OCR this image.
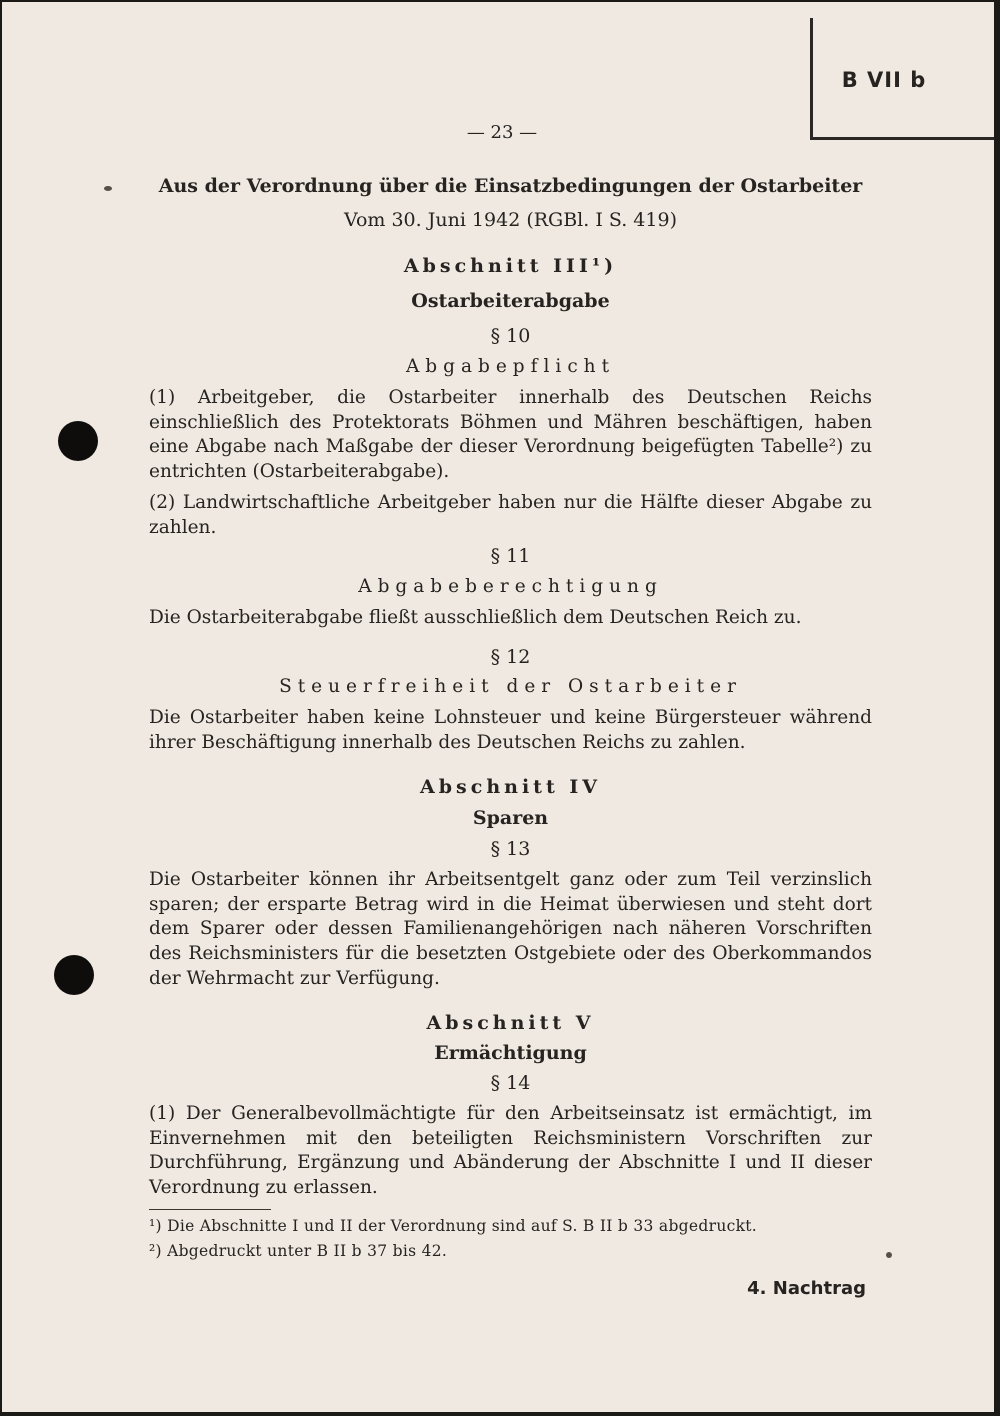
B VII b
— 23 —
Aus der Verordnung über die Einsatzbedingungen der Ostarbeiter
Vom 30. Juni 1942 (RGBl. I S. 419)
Abschnitt III¹)
Ostarbeiterabgabe
§ 10
Abgabepflicht
(1) Arbeitgeber, die Ostarbeiter innerhalb des Deutschen Reichs einschließlich des Protektorats Böhmen und Mähren beschäftigen, haben eine Abgabe nach Maßgabe der dieser Verordnung beigefügten Tabelle²) zu entrichten (Ostarbeiterabgabe).
(2) Landwirtschaftliche Arbeitgeber haben nur die Hälfte dieser Abgabe zu zahlen.
§ 11
Abgabeberechtigung
Die Ostarbeiterabgabe fließt ausschließlich dem Deutschen Reich zu.
§ 12
Steuerfreiheit der Ostarbeiter
Die Ostarbeiter haben keine Lohnsteuer und keine Bürgersteuer während ihrer Beschäftigung innerhalb des Deutschen Reichs zu zahlen.
Abschnitt IV
Sparen
§ 13
Die Ostarbeiter können ihr Arbeitsentgelt ganz oder zum Teil verzinslich sparen; der ersparte Betrag wird in die Heimat überwiesen und steht dort dem Sparer oder dessen Familienangehörigen nach näheren Vorschriften des Reichsministers für die besetzten Ostgebiete oder des Oberkommandos der Wehrmacht zur Verfügung.
Abschnitt V
Ermächtigung
§ 14
(1) Der Generalbevollmächtigte für den Arbeitseinsatz ist ermächtigt, im Einvernehmen mit den beteiligten Reichsministern Vorschriften zur Durchführung, Ergänzung und Abänderung der Abschnitte I und II dieser Verordnung zu erlassen.
¹) Die Abschnitte I und II der Verordnung sind auf S. B II b 33 abgedruckt.
²) Abgedruckt unter B II b 37 bis 42.
4. Nachtrag
